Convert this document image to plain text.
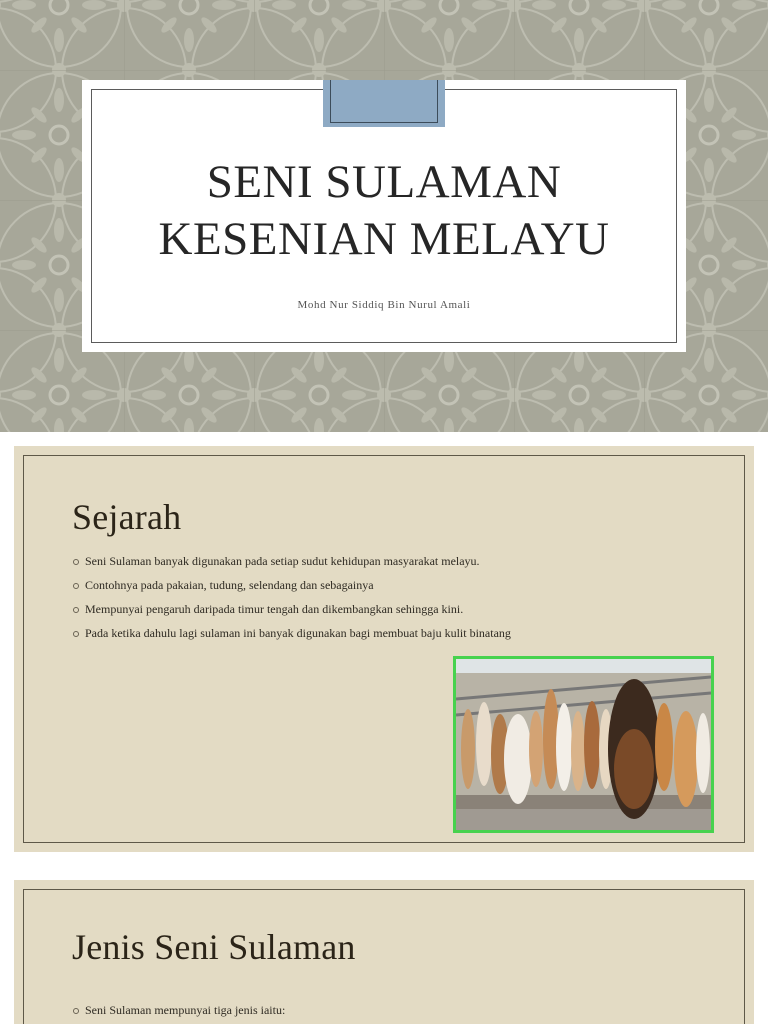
SENI SULAMAN
KESENIAN MELAYU
Mohd Nur Siddiq Bin Nurul Amali
Sejarah
Seni Sulaman banyak digunakan pada setiap sudut kehidupan masyarakat melayu.
Contohnya pada pakaian, tudung, selendang dan sebagainya
Mempunyai pengaruh daripada timur tengah dan dikembangkan sehingga kini.
Pada ketika dahulu lagi sulaman ini banyak digunakan bagi membuat baju kulit binatang
Jenis Seni Sulaman
Seni Sulaman mempunyai tiga jenis iaitu:
